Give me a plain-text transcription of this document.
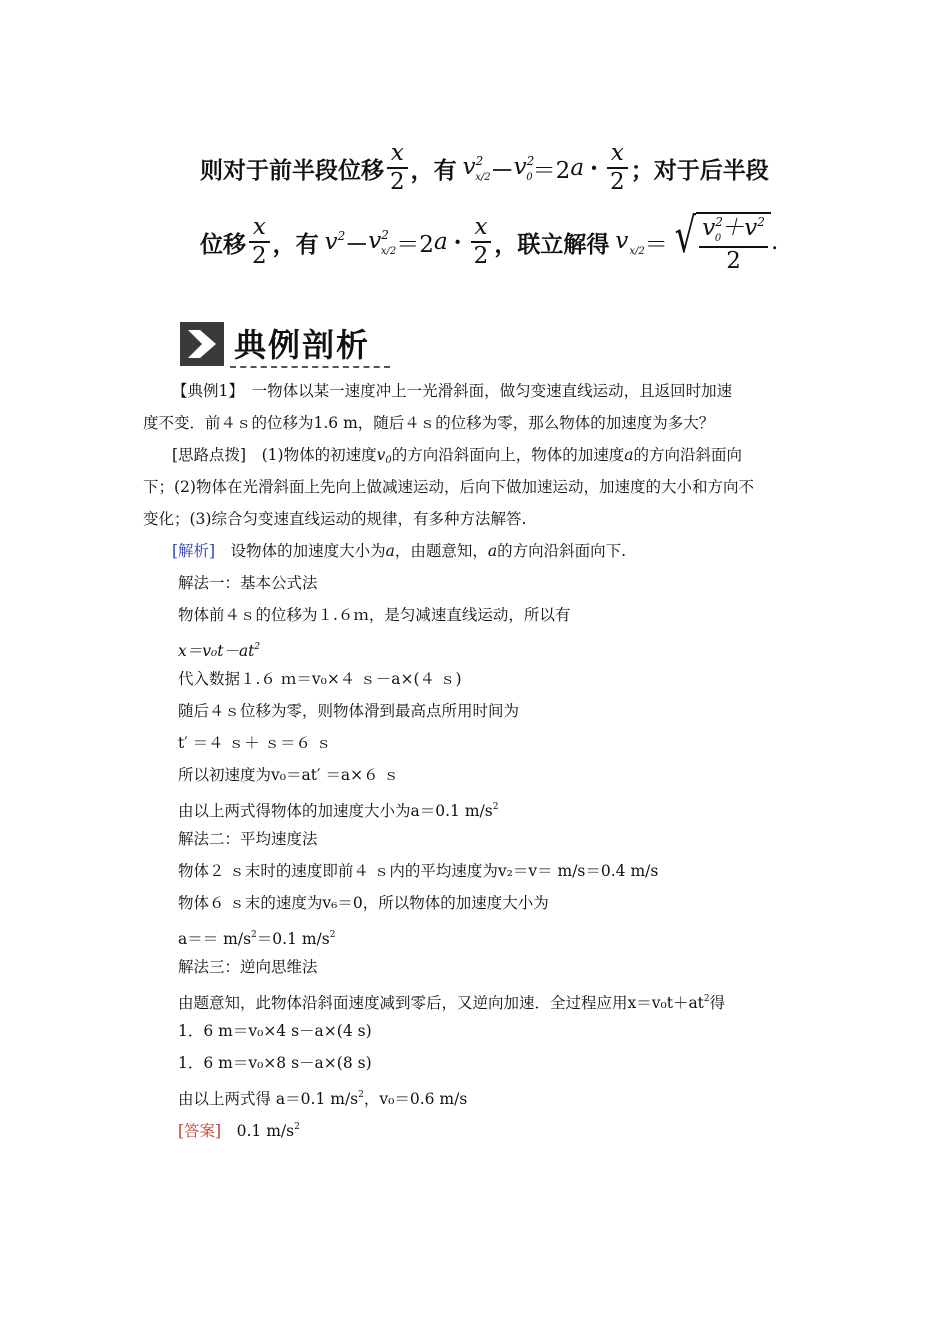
则对于前半段位移 $\frac{x}{2}$ ，有 $v^2_{x/2} - v^2_0 =2$ $a \cdot \frac{x}{2}$ ；对于后半段
位移 $\frac{x}{2}$ ，有 $v^2 - v^2_{x/2} =2$ $a \cdot \frac{x}{2}$ ，联立解得 $v_{x/2}$ ＝ √ $\frac{v^2_0+v^2}{2}$ .
典例剖析
【典例1】　 一物体以某一速度冲上一光滑斜面，做匀变速直线运动，且返回时加速
度不变．前４ｓ的位移为1.6 m，随后４ｓ的位移为零，那么物体的加速度为多大？
[思路点拨]　 (1)物体的初速度v0的方向沿斜面向上，物体的加速度a的方向沿斜面向
下；(2)物体在光滑斜面上先向上做减速运动，后向下做加速运动，加速度的大小和方向不
变化；(3)综合匀变速直线运动的规律，有多种方法解答.
[解析]　 设物体的加速度大小为a，由题意知，a的方向沿斜面向下.
解法一：基本公式法
物体前４ｓ的位移为１.６ｍ，是匀减速直线运动，所以有
$x=v_0t-at^2$
代入数据１.６ ｍ＝v₀×４ ｓ－a×(４ ｓ)
随后４ｓ位移为零，则物体滑到最高点所用时间为
t′ ＝４ ｓ＋ ｓ＝６ ｓ
所以初速度为v₀＝at′ ＝a×６ ｓ
由以上两式得物体的加速度大小为a＝0.1 $m/s^2$
解法二：平均速度法
物体２ ｓ末时的速度即前４ ｓ内的平均速度为v₂＝v＝ m/s＝0.4 m/s
物体６ ｓ末的速度为v₆＝0，所以物体的加速度大小为
$a== m/s^2=0.1$ $m/s^2$
解法三：逆向思维法
由题意知，此物体沿斜面速度减到零后，又逆向加速．全过程应用$x=v_0t+at^2$得
1．6 m＝v₀×4 s－a×(4 s)
1．6 m＝v₀×8 s－a×(8 s)
由以上两式得 a＝0.1 $m/s^2$，v₀＝0.6 m/s
[答案]　 0.1 $m/s^2$
